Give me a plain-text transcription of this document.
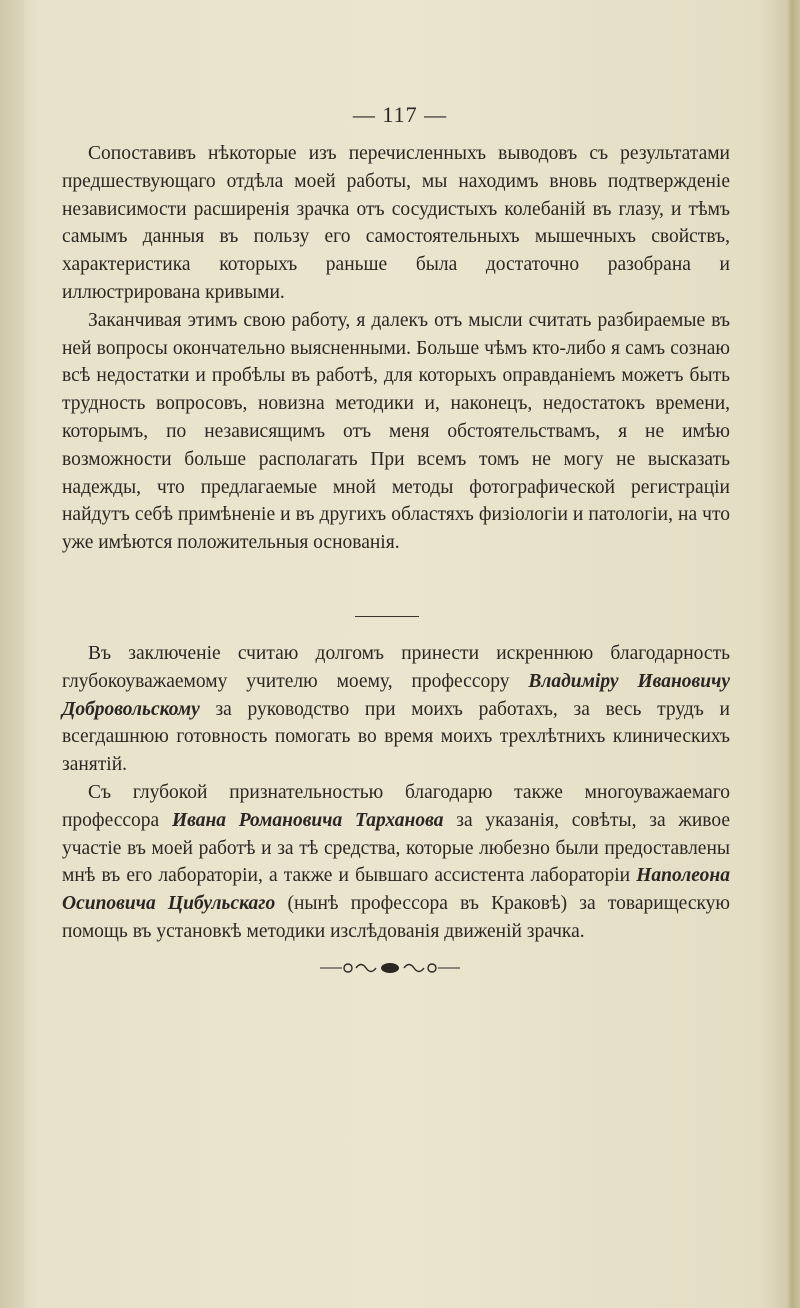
— 117 —

Сопоставивъ нѣкоторые изъ перечисленныхъ выводовъ съ результатами предшествующаго отдѣла моей работы, мы находимъ вновь подтвержденіе независимости расширенія зрачка отъ сосудистыхъ колебаній въ глазу, и тѣмъ самымъ данныя въ пользу его самостоятельныхъ мышечныхъ свойствъ, характеристика которыхъ раньше была достаточно разобрана и иллюстрирована кривыми.

Заканчивая этимъ свою работу, я далекъ отъ мысли считать разбираемые въ ней вопросы окончательно выясненными. Больше чѣмъ кто-либо я самъ сознаю всѣ недостатки и пробѣлы въ работѣ, для которыхъ оправданіемъ можетъ быть трудность вопросовъ, новизна методики и, наконецъ, недостатокъ времени, которымъ, по независящимъ отъ меня обстоятельствамъ, я не имѣю возможности больше располагать При всемъ томъ не могу не высказать надежды, что предлагаемые мной методы фотографической регистраціи найдутъ себѣ примѣненіе и въ другихъ областяхъ физіологіи и патологіи, на что уже имѣются положительныя основанія.

Въ заключеніе считаю долгомъ принести искреннюю благодарность глубокоуважаемому учителю моему, профессору Владиміру Ивановичу Добровольскому за руководство при моихъ работахъ, за весь трудъ и всегдашнюю готовность помогать во время моихъ трехлѣтнихъ клиническихъ занятій.

Съ глубокой признательностью благодарю также многоуважаемаго профессора Ивана Романовича Тарханова за указанія, совѣты, за живое участіе въ моей работѣ и за тѣ средства, которые любезно были предоставлены мнѣ въ его лабораторіи, а также и бывшаго ассистента лабораторіи Наполеона Осиповича Цибульскаго (нынѣ профессора въ Краковѣ) за товарищескую помощь въ установкѣ методики изслѣдованія движеній зрачка.
